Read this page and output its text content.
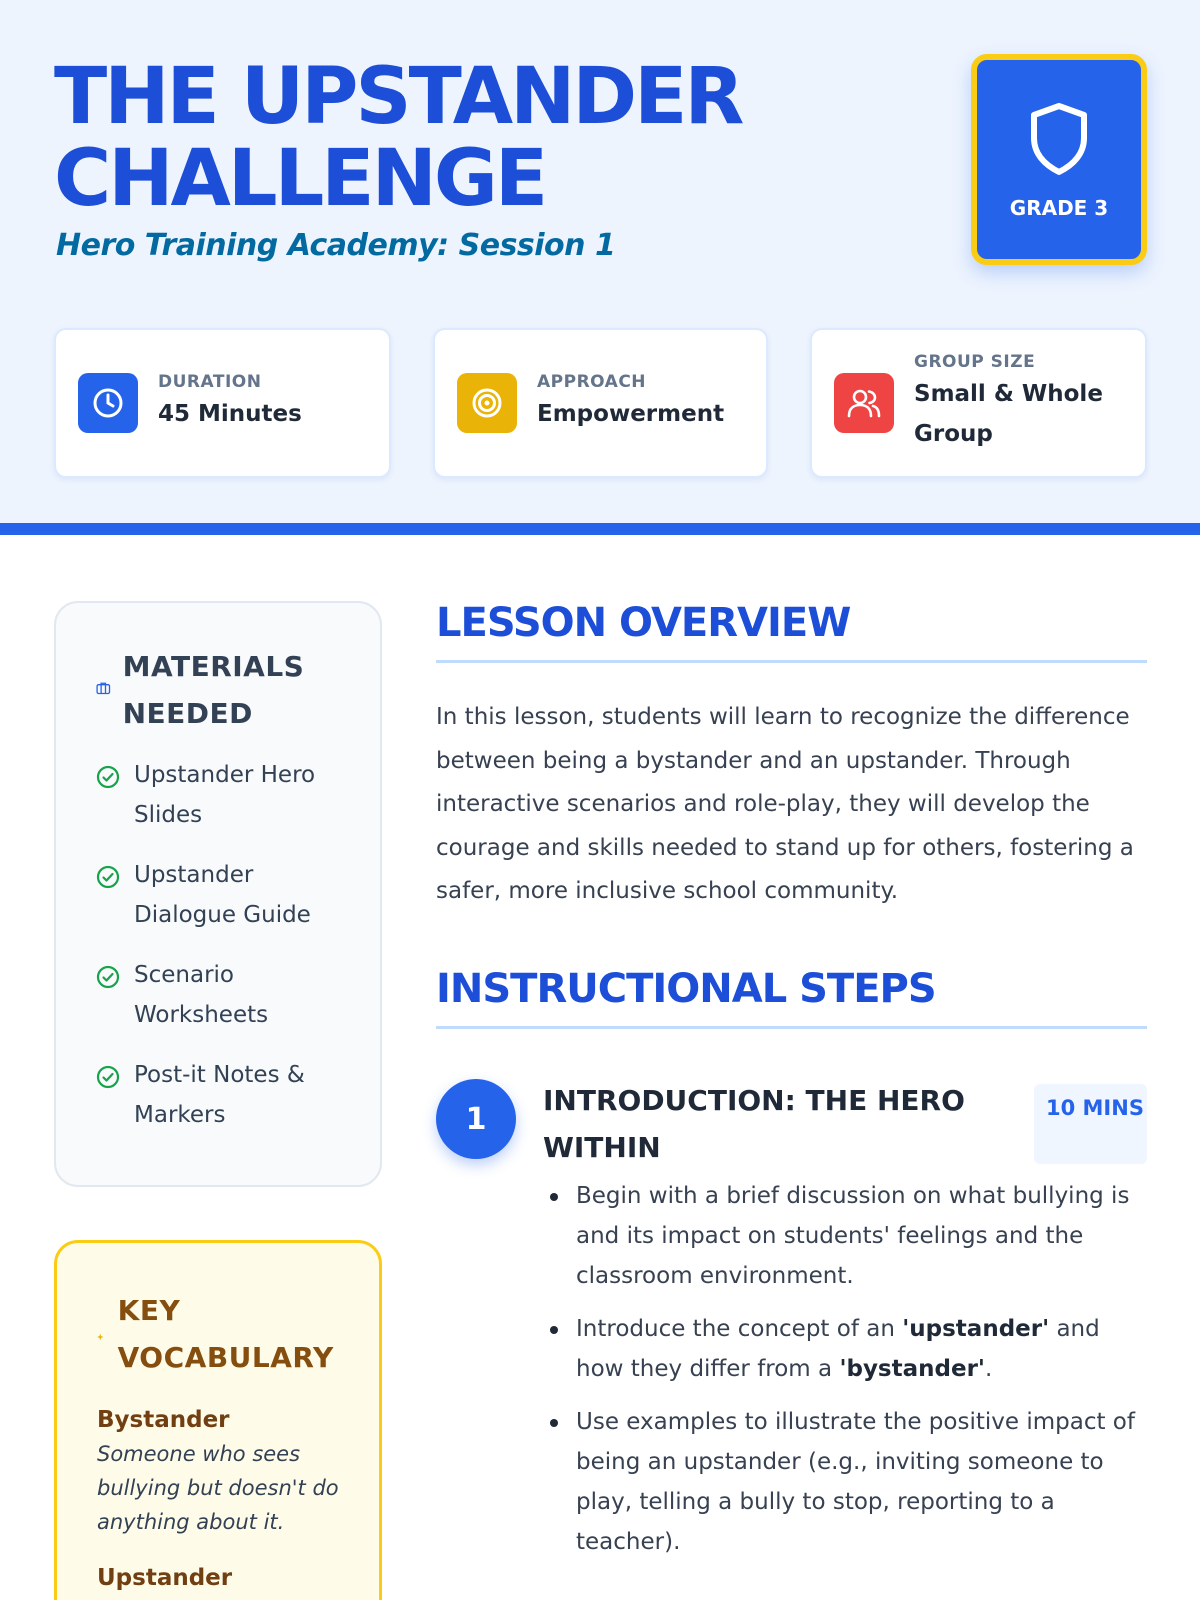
THE UPSTANDER CHALLENGE
Hero Training Academy: Session 1
GRADE 3
DURATION
45 Minutes
APPROACH
Empowerment
GROUP SIZE
Small & Whole Group
MATERIALS NEEDED
Upstander Hero Slides
Upstander Dialogue Guide
Scenario Worksheets
Post-it Notes & Markers
KEY VOCABULARY
Bystander
Someone who sees bullying but doesn't do anything about it.
Upstander
LESSON OVERVIEW

In this lesson, students will learn to recognize the difference between being a bystander and an upstander. Through interactive scenarios and role-play, they will develop the courage and skills needed to stand up for others, fostering a safer, more inclusive school community.

INSTRUCTIONAL STEPS
1
INTRODUCTION: THE HERO WITHIN
10 MINS
Begin with a brief discussion on what bullying is and its impact on students' feelings and the classroom environment.
Introduce the concept of an 'upstander' and how they differ from a 'bystander'.
Use examples to illustrate the positive impact of being an upstander (e.g., inviting someone to play, telling a bully to stop, reporting to a teacher).
